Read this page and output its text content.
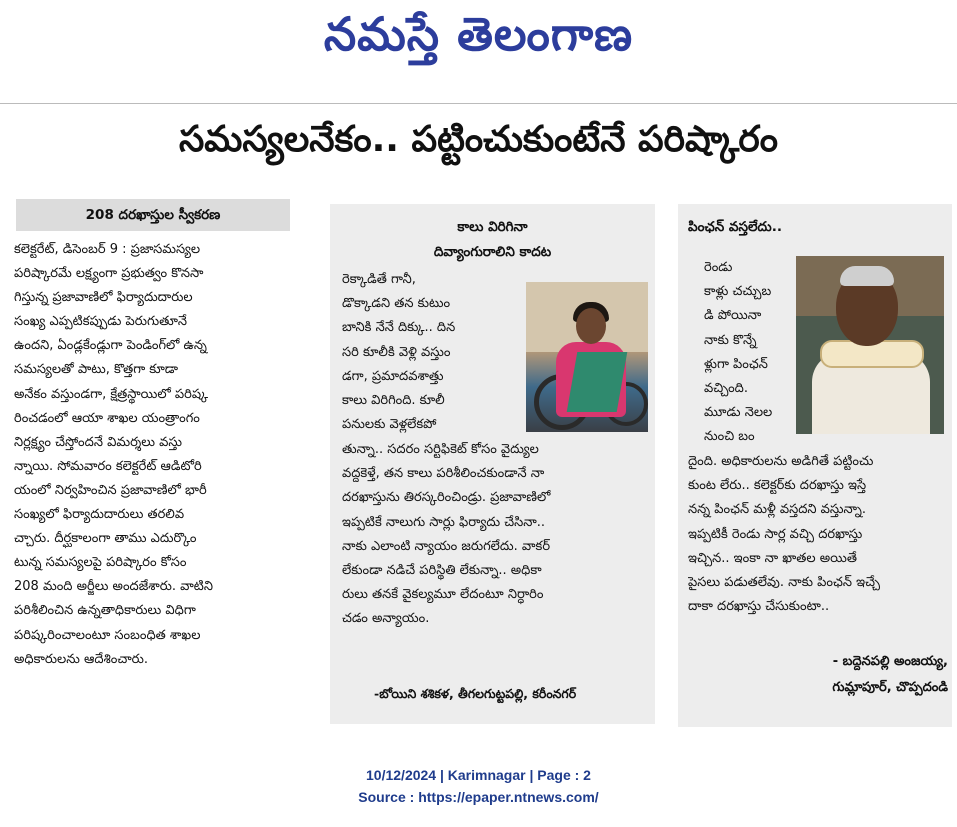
నమస్తే తెలంగాణ
సమస్యలనేకం.. పట్టించుకుంటేనే పరిష్కారం
208 దరఖాస్తుల స్వీకరణ
కలెక్టరేట్, డిసెంబర్ 9 : ప్రజాసమస్యల
పరిష్కారమే లక్ష్యంగా ప్రభుత్వం కొనసా
గిస్తున్న ప్రజావాణిలో ఫిర్యాదుదారుల
సంఖ్య ఎప్పటికప్పుడు పెరుగుతూనే
ఉందని, ఏండ్లకేండ్లుగా పెండింగ్‌లో ఉన్న
సమస్యలతో పాటు, కొత్తగా కూడా
అనేకం వస్తుండగా, క్షేత్రస్థాయిలో పరిష్క
రించడంలో ఆయా శాఖల యంత్రాంగం
నిర్లక్ష్యం చేస్తోందనే విమర్శలు వస్తు
న్నాయి. సోమవారం కలెక్టరేట్ ఆడిటోరి
యంలో నిర్వహించిన ప్రజావాణిలో భారీ
సంఖ్యలో ఫిర్యాదుదారులు తరలివ
చ్చారు. దీర్ఘకాలంగా తాము ఎదుర్కొం
టున్న సమస్యలపై పరిష్కారం కోసం
208 మంది అర్జీలు అందజేశారు. వాటిని
పరిశీలించిన ఉన్నతాధికారులు విధిగా
పరిష్కరించాలంటూ సంబంధిత శాఖల
అధికారులను ఆదేశించారు.
కాలు విరిగినా
దివ్యాంగురాలిని కాదట
రెక్కాడితే గానీ,
డొక్కాడని తన కుటుం
బానికి నేనే దిక్కు.. దిన
సరి కూలీకి వెళ్లి వస్తుం
డగా, ప్రమాదవశాత్తు
కాలు విరిగింది. కూలీ
పనులకు వెళ్లలేకపో
తున్నా.. సదరం సర్టిఫికెట్ కోసం వైద్యుల
వద్దకెళ్తే, తన కాలు పరిశీలించకుండానే నా
దరఖాస్తును తిరస్కరించిండ్రు. ప్రజావాణిలో
ఇప్పటికే నాలుగు సార్లు ఫిర్యాదు చేసినా..
నాకు ఎలాంటి న్యాయం జరుగలేదు. వాకర్
లేకుండా నడిచే పరిస్థితి లేకున్నా.. అధికా
రులు తనకే వైకల్యమూ లేదంటూ నిర్ధారిం
చడం అన్యాయం.
-బోయిని శశికళ, తీగలగుట్టపల్లి, కరీంనగర్
పింఛన్ వస్తలేదు..
రెండు
కాళ్లు చచ్చుబ
డి పోయినా
నాకు కొన్నే
ళ్లుగా పింఛన్
వచ్చింది.
మూడు నెలల
నుంచి బం
దైంది. అధికారులను అడిగితే పట్టించు
కుంట లేరు.. కలెక్టర్‌కు దరఖాస్తు ఇస్తే
నన్న పింఛన్ మళ్లీ వస్తదని వస్తున్నా.
ఇప్పటికీ రెండు సార్ల వచ్చి దరఖాస్తు
ఇచ్చిన.. ఇంకా నా ఖాతల అయితే
పైసలు పడుతలేవు. నాకు పింఛన్ ఇచ్చే
దాకా దరఖాస్తు చేసుకుంటా..
- బద్దెనపల్లి అంజయ్య,
గుమ్లాపూర్, చొప్పదండి
10/12/2024 | Karimnagar | Page : 2
Source : https://epaper.ntnews.com/
